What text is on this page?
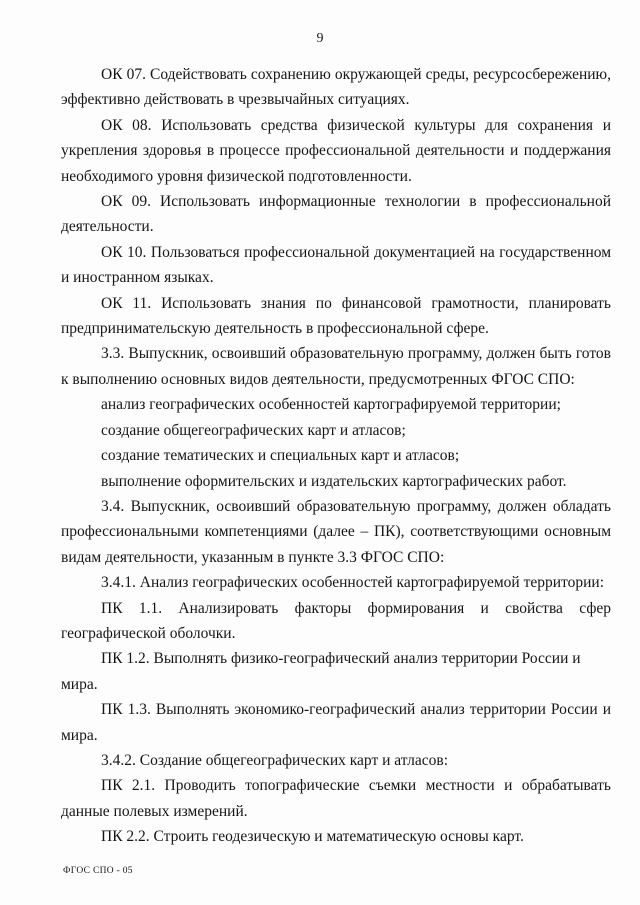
9

ОК 07. Содействовать сохранению окружающей среды, ресурсосбережению, эффективно действовать в чрезвычайных ситуациях.

ОК 08. Использовать средства физической культуры для сохранения и укрепления здоровья в процессе профессиональной деятельности и поддержания необходимого уровня физической подготовленности.

ОК 09. Использовать информационные технологии в профессиональной деятельности.

ОК 10. Пользоваться профессиональной документацией на государственном и иностранном языках.

ОК 11. Использовать знания по финансовой грамотности, планировать предпринимательскую деятельность в профессиональной сфере.

3.3. Выпускник, освоивший образовательную программу, должен быть готов к выполнению основных видов деятельности, предусмотренных ФГОС СПО:

анализ географических особенностей картографируемой территории;

создание общегеографических карт и атласов;

создание тематических и специальных карт и атласов;

выполнение оформительских и издательских картографических работ.

3.4. Выпускник, освоивший образовательную программу, должен обладать профессиональными компетенциями (далее – ПК), соответствующими основным видам деятельности, указанным в пункте 3.3 ФГОС СПО:

3.4.1. Анализ географических особенностей картографируемой территории:

ПК 1.1. Анализировать факторы формирования и свойства сфер географической оболочки.

ПК 1.2. Выполнять физико-географический анализ территории России и мира.

ПК 1.3. Выполнять экономико-географический анализ территории России и мира.

3.4.2. Создание общегеографических карт и атласов:

ПК 2.1. Проводить топографические съемки местности и обрабатывать данные полевых измерений.

ПК 2.2. Строить геодезическую и математическую основы карт.

ФГОС СПО - 05
